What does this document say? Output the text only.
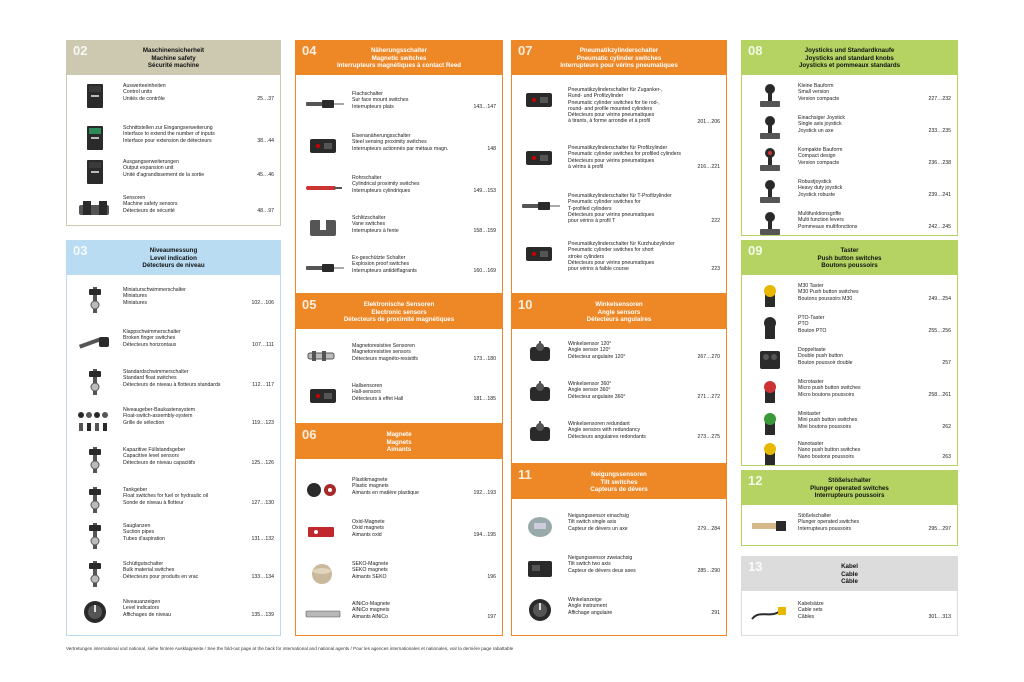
02	Maschinensicherheit
Machine safety
Sécurité machine
Auswerteeinheiten
Control units
Unités de contrôle	25…37
Schnittstellen zur Eingangserweiterung
Interface to extend the number of inputs
Interface pour extension de détecteurs	38…44
Ausgangserweiterungen
Output expansion unit
Unité d'agrandissement de la sortie	45…46
Sensoren
Machine safety sensors
Détecteurs de sécurité	48…97
03	Niveaumessung
Level indication
Détecteurs de niveau
Miniaturschwimmerschalter
Miniatures
Miniatures	102…106
Klappschwimmerschalter
Broken finger switches
Détecteurs horizontaux	107…111
Standardschwimmerschalter
Standard float switches
Détecteurs de niveau à flotteurs standards	112…117
Niveaugeber-Baukastensystem
Float-switch-assembly-system
Grille de sélection	119…123
Kapazitive Füllstandsgeber
Capacitive level sensors
Détecteurs de niveau capacitifs	125…126
Tankgeber
Float switches for fuel or hydraulic oil
Sonde de niveau à flotteur	127…130
Sauglanzen
Suction pipes
Tubes d'aspiration	131…132
Schüttgutschalter
Bulk material switches
Détecteurs pour produits en vrac	133…134
Niveauanzeigen
Level indicators
Affichages de niveau	135…139
04	Näherungsschalter
Magnetic switches
Interrupteurs magnétiques à contact Reed
Flachschalter
Sur face mount switches
Interrupteurs plats	143…147
Eisenanäherungsschalter
Steel sensing proximity switches
Interrupteurs actionnés par métaux magn.	148
Rohrschalter
Cylindrical proximity switches
Interrupteurs cylindriques	149…153
Schlitzschalter
Vane switches
Interrupteurs à fente	158…159
Ex-geschützte Schalter
Explosion proof switches
Interrupteurs antidéflagrants	160…169
05	Elektronische Sensoren
Electronic sensors
Détecteurs de proximité magnétiques
Magnetoresistive Sensoren
Magnetoresistive sensors
Détecteurs magnéto-resistifs	173…180
Hallsensoren
Hall-sensors
Détecteurs à effet Hall	181…185
06	Magnete
Magnets
Aimants
Plastikmagnete
Plastic magnets
Aimants en matière plastique	192…193
Oxid-Magnete
Oxid magnets
Aimants oxid	194…195
SEKO-Magnete
SEKO magnets
Aimants SEKO	196
AlNiCo-Magnete
AlNiCo magnets
Aimants AlNiCo	197
07	Pneumatikzylinderschalter
Pneumatic cylinder switches
Interrupteurs pour vérins pneumatiques
Pneumatikzylinderschalter für Zuganker-,
Rund- und Profilzylinder
Pneumatic cylinder switches for tie rod-,
round- and profile mounted cylinders
Détecteurs pour vérins pneumatiques
à tirants, à forme arrondie et à profil	201…206
Pneumatikzylinderschalter für Profilzylinder
Pneumatic cylinder switches for profiled cylinders
Détecteurs pour vérins pneumatiques
à vérins à profil	216…221
Pneumatikzylinderschalter für T-Profilzylinder
Pneumatic cylinder switches for
T-profiled cylinders
Détecteurs pour vérins pneumatiques
pour vérins à profil T	222
Pneumatikzylinderschalter für Kurzhubzylinder
Pneumatic cylinder switches for short
stroke cylinders
Détecteurs pour vérins pneumatiques
pour vérins à faible course	223
10	Winkelsensoren
Angle sensors
Détecteurs angulaires
Winkelsensor 120°
Angle sensor 120°
Détecteur angulaire 120°	267…270
Winkelsensor 360°
Angle sensor 360°
Détecteur angulaire 360°	271…272
Winkelsensoren redundant
Angle sensors with redundancy
Détecteurs angulaires redondants	273…275
11	Neigungssensoren
Tilt switches
Capteurs de dévers
Neigungssensor einachsig
Tilt switch single axis
Capteur de dévers un axe	279…284
Neigungssensor zweiachsig
Tilt switch two axis
Capteur de dévers deux axes	285…290
Winkelanzeige
Angle instrument
Affichage angulaire	291
08	Joysticks und Standardknaufe
Joysticks and standard knobs
Joysticks et pommeaux standards
Kleine Bauform
Small version
Version compacte	227…232
Einachsiger Joystick
Single axis joystick
Joystick un axe	233…235
Kompakte Bauform
Compact design
Version compacte	236…238
Robustjoystick
Heavy duty joystick
Joystick robuste	239…241
Multifunktionsgriffe
Multi function levers
Pommeaux multifonctions	242…245
09	Taster
Push button switches
Boutons poussoirs
M30 Taster
M30 Push button switches
Boutons poussoirs M30	249…254
PTO-Taster
PTO
Bouton PTO	255…256
Doppeltaste
Double push button
Bouton poussoir double	257
Microtaster
Micro push button switches
Micro boutons poussoirs	258…261
Minitaster
Mini push button switches
Mini boutons poussoirs	262
Nanotaster
Nano push button switches
Nano boutons poussoirs	263
12	Stößelschalter
Plunger operated switches
Interrupteurs poussoirs
Stößelschalter
Plunger operated switches
Interrupteurs poussoirs	295…297
13	Kabel
Cable
Câble
Kabelsätze
Cable sets
Câbles	301…313
Vertretungen international und national, siehe hintere Ausklappseite / See the fold-out page at the back for international and national agents / Pour les agences internationales et nationales, voir la dernière page rabattable
